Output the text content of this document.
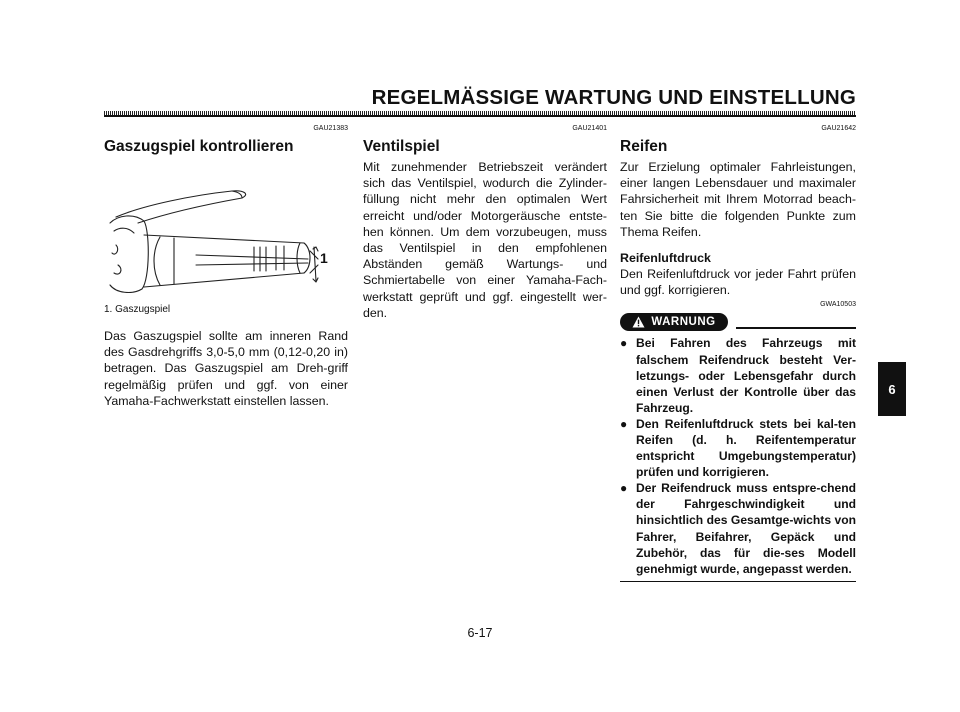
REGELMÄSSIGE WARTUNG UND EINSTELLUNG

GAU21383

Gaszugspiel kontrollieren
1

1. Gaszugspiel

Das Gaszugspiel sollte am inneren Rand des Gasdrehgriffs 3,0-5,0 mm (0,12-0,20 in) betragen. Das Gaszugspiel am Dreh-griff regelmäßig prüfen und ggf. von einer Yamaha-Fachwerkstatt einstellen lassen.

GAU21401

Ventilspiel

Mit zunehmender Betriebszeit verändert sich das Ventilspiel, wodurch die Zylinder-füllung nicht mehr den optimalen Wert erreicht und/oder Motorgeräusche entste-hen können. Um dem vorzubeugen, muss das Ventilspiel in den empfohlenen Abständen gemäß Wartungs- und Schmiertabelle von einer Yamaha-Fach-werkstatt geprüft und ggf. eingestellt wer-den.

GAU21642

Reifen

Zur Erzielung optimaler Fahrleistungen, einer langen Lebensdauer und maximaler Fahrsicherheit mit Ihrem Motorrad beach-ten Sie bitte die folgenden Punkte zum Thema Reifen.

Reifenluftdruck

Den Reifenluftdruck vor jeder Fahrt prüfen und ggf. korrigieren.

GWA10503

WARNUNG
● Bei Fahren des Fahrzeugs mit falschem Reifendruck besteht Ver-letzungs- oder Lebensgefahr durch einen Verlust der Kontrolle über das Fahrzeug.
● Den Reifenluftdruck stets bei kal-ten Reifen (d. h. Reifentemperatur entspricht Umgebungstemperatur) prüfen und korrigieren.
● Der Reifendruck muss entspre-chend der Fahrgeschwindigkeit und hinsichtlich des Gesamtge-wichts von Fahrer, Beifahrer, Gepäck und Zubehör, das für die-ses Modell genehmigt wurde, angepasst werden.
6

6-17
